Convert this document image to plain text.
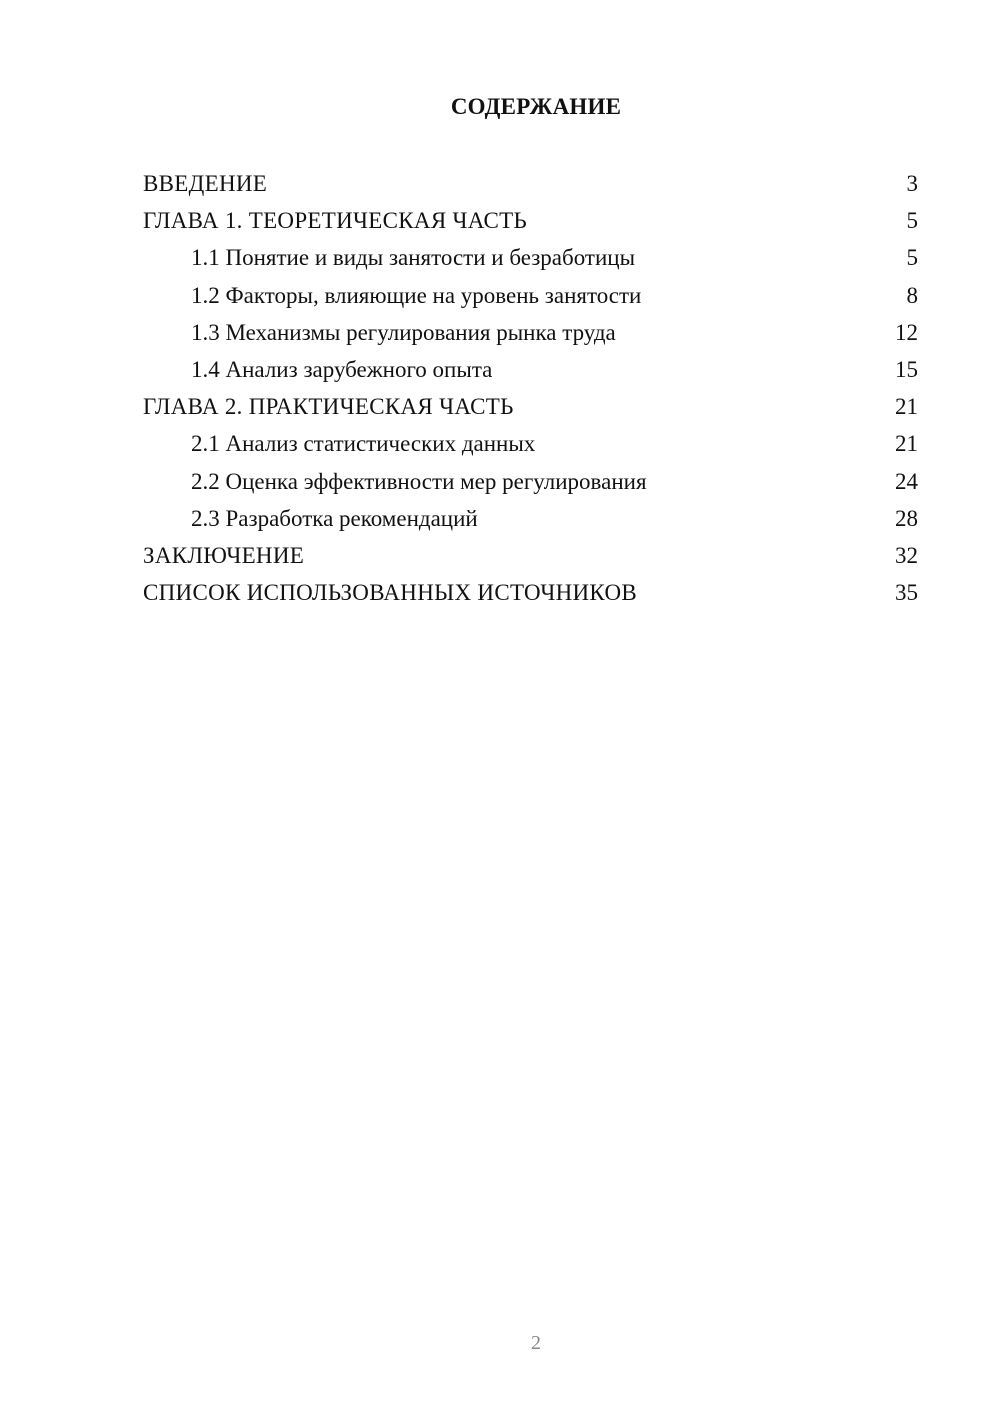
СОДЕРЖАНИЕ
ВВЕДЕНИЕ	3
ГЛАВА 1. ТЕОРЕТИЧЕСКАЯ ЧАСТЬ	5
1.1 Понятие и виды занятости и безработицы	5
1.2 Факторы, влияющие на уровень занятости	8
1.3 Механизмы регулирования рынка труда	12
1.4 Анализ зарубежного опыта	15
ГЛАВА 2. ПРАКТИЧЕСКАЯ ЧАСТЬ	21
2.1 Анализ статистических данных	21
2.2 Оценка эффективности мер регулирования	24
2.3 Разработка рекомендаций	28
ЗАКЛЮЧЕНИЕ	32
СПИСОК ИСПОЛЬЗОВАННЫХ ИСТОЧНИКОВ	35
2
